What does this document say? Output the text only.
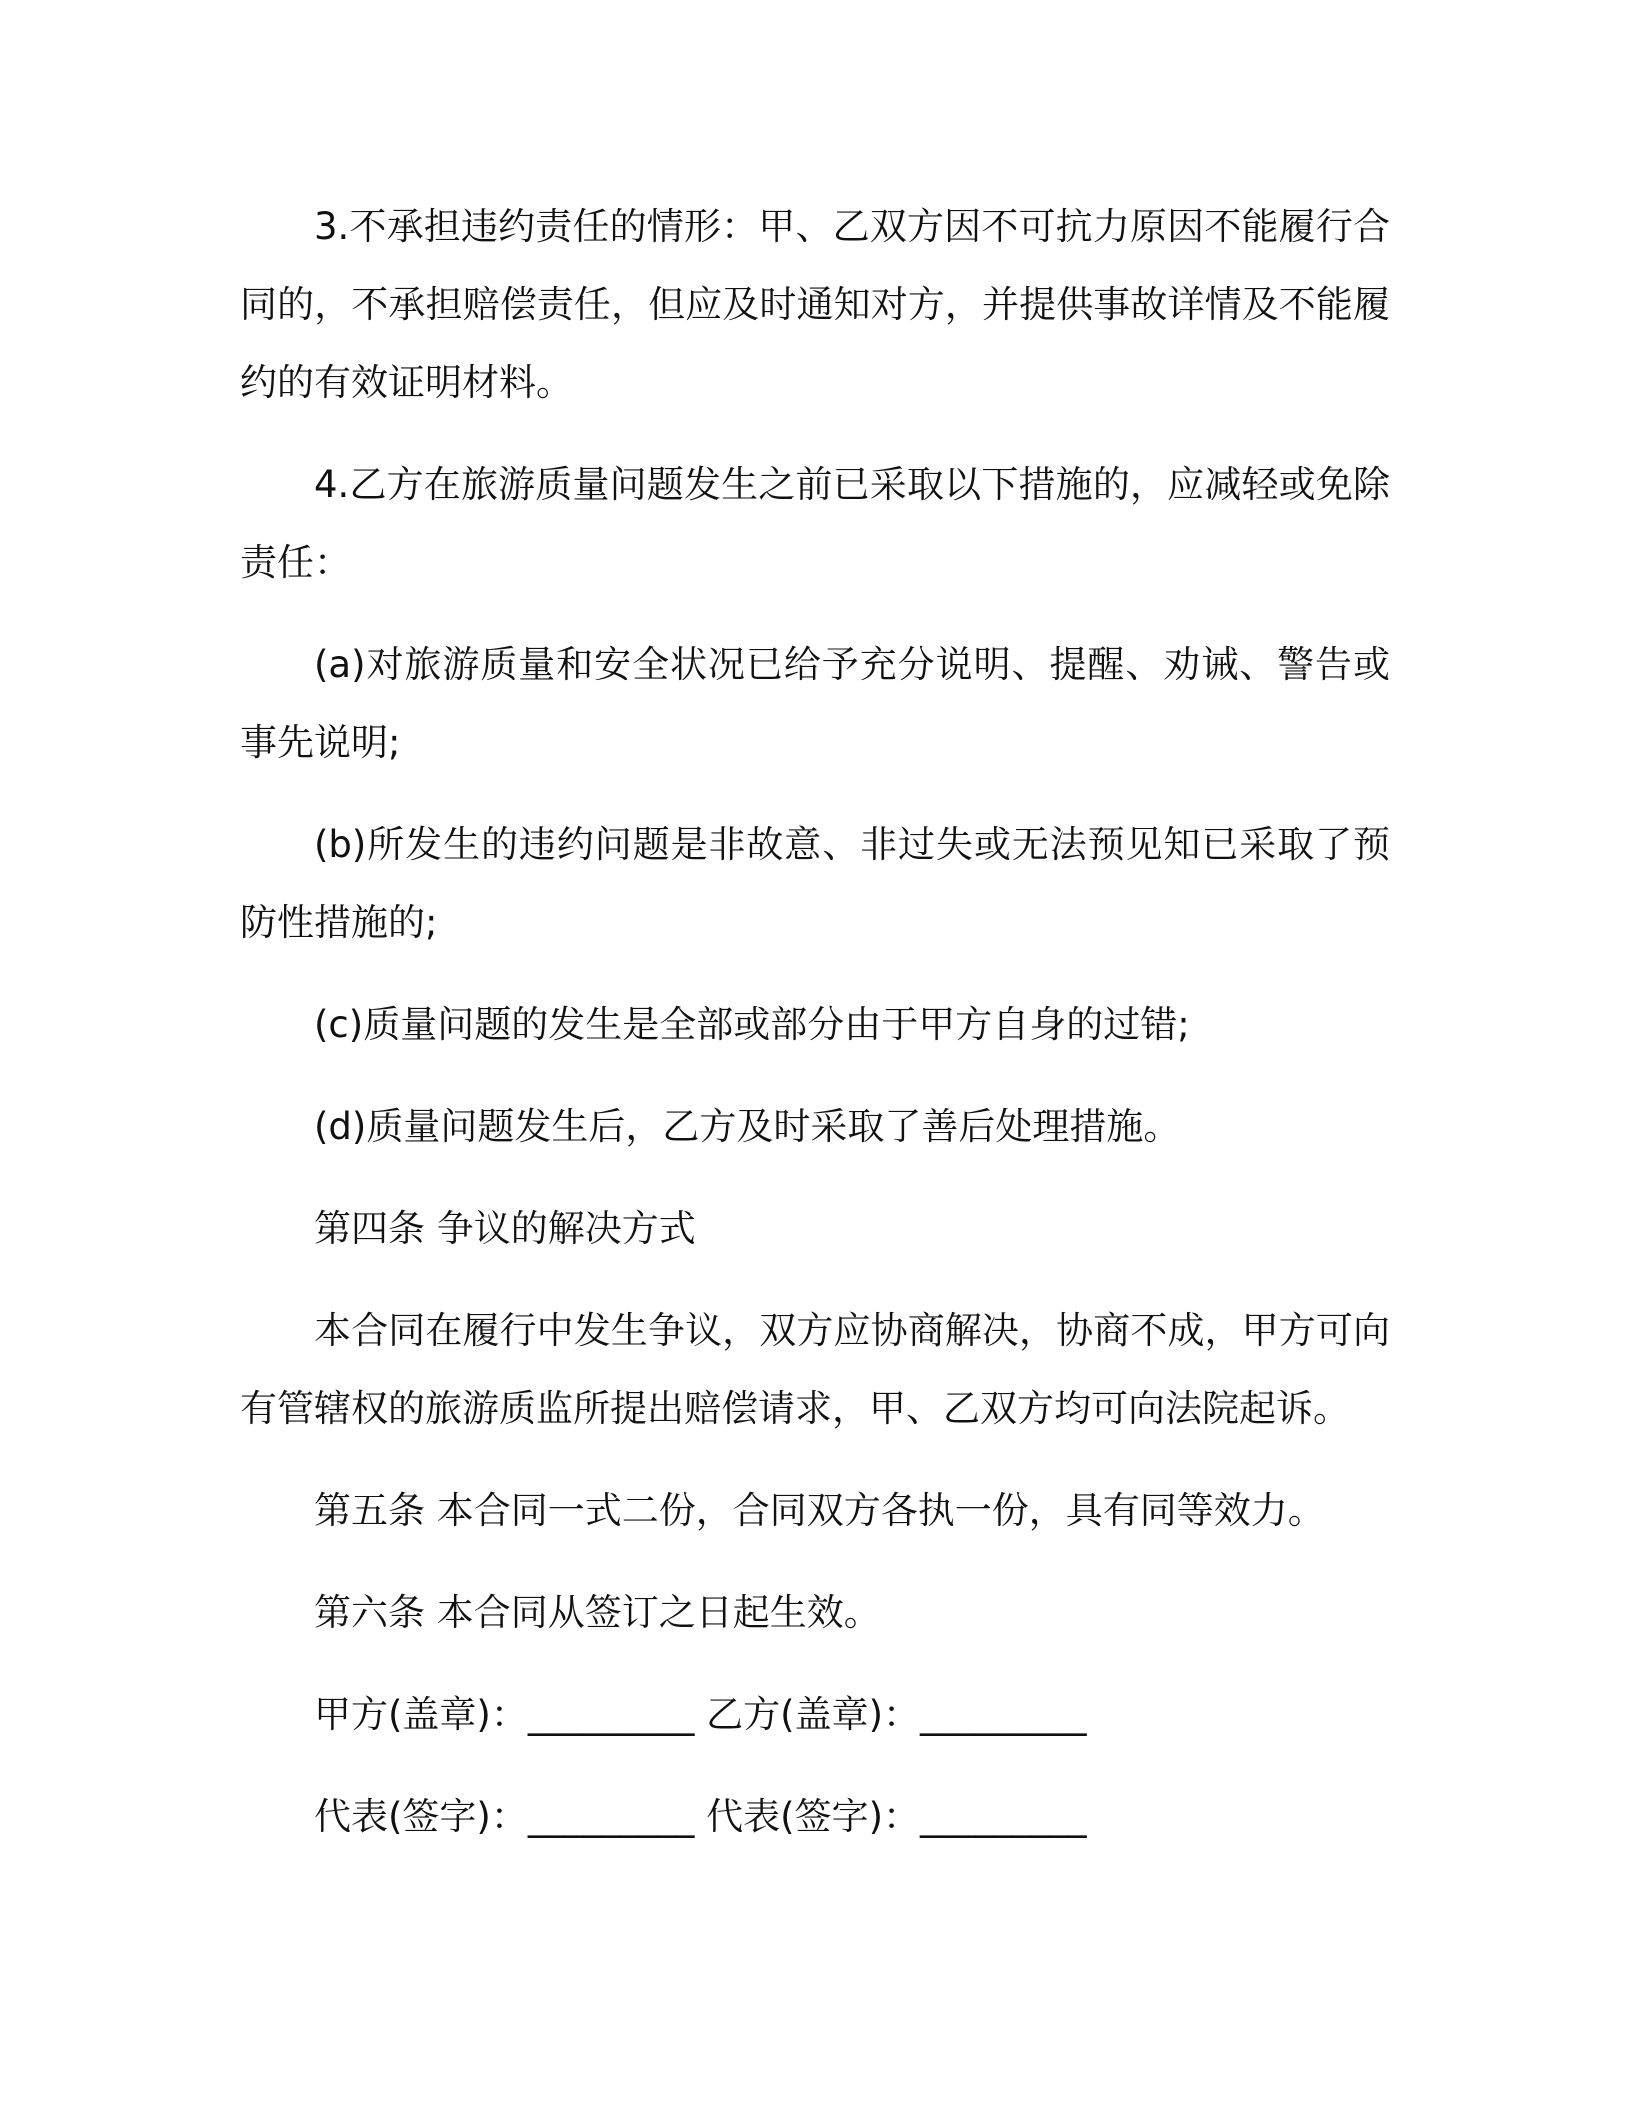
3.不承担违约责任的情形：甲、乙双方因不可抗力原因不能履行合同的，不承担赔偿责任，但应及时通知对方，并提供事故详情及不能履约的有效证明材料。

4.乙方在旅游质量问题发生之前已采取以下措施的，应减轻或免除责任：

(a)对旅游质量和安全状况已给予充分说明、提醒、劝诫、警告或事先说明;

(b)所发生的违约问题是非故意、非过失或无法预见知已采取了预防性措施的;

(c)质量问题的发生是全部或部分由于甲方自身的过错;

(d)质量问题发生后，乙方及时采取了善后处理措施。

第四条 争议的解决方式

本合同在履行中发生争议，双方应协商解决，协商不成，甲方可向有管辖权的旅游质监所提出赔偿请求，甲、乙双方均可向法院起诉。

第五条 本合同一式二份，合同双方各执一份，具有同等效力。

第六条 本合同从签订之日起生效。

甲方(盖章)：_________ 乙方(盖章)：_________

代表(签字)：_________ 代表(签字)：_________
